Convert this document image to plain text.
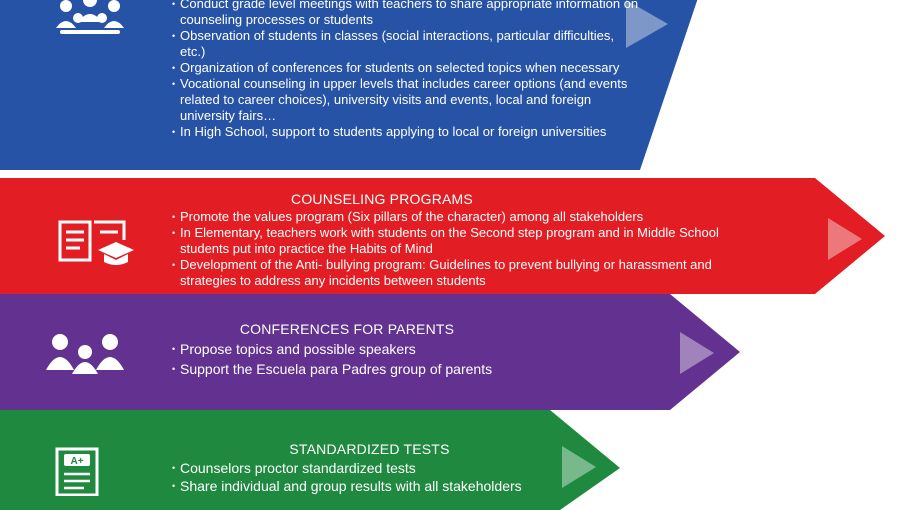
• Conduct grade level meetings with teachers to share appropriate information on counseling processes or students
• Observation of students in classes (social interactions, particular difficulties, etc.)
• Organization of conferences for students on selected topics when necessary
• Vocational counseling in upper levels that includes career options (and events related to career choices), university visits and events, local and foreign university fairs…
• In High School, support to students applying to local or foreign universities
COUNSELING PROGRAMS
• Promote the values program (Six pillars of the character) among all stakeholders
• In Elementary, teachers work with students on the Second step program and in Middle School students put into practice the Habits of Mind
• Development of the Anti- bullying program: Guidelines to prevent bullying or harassment and strategies to address any incidents between students
CONFERENCES FOR PARENTS
• Propose topics and possible speakers
• Support the Escuela para Padres group of parents
A+
STANDARDIZED TESTS
• Counselors proctor standardized tests
• Share individual and group results with all stakeholders
